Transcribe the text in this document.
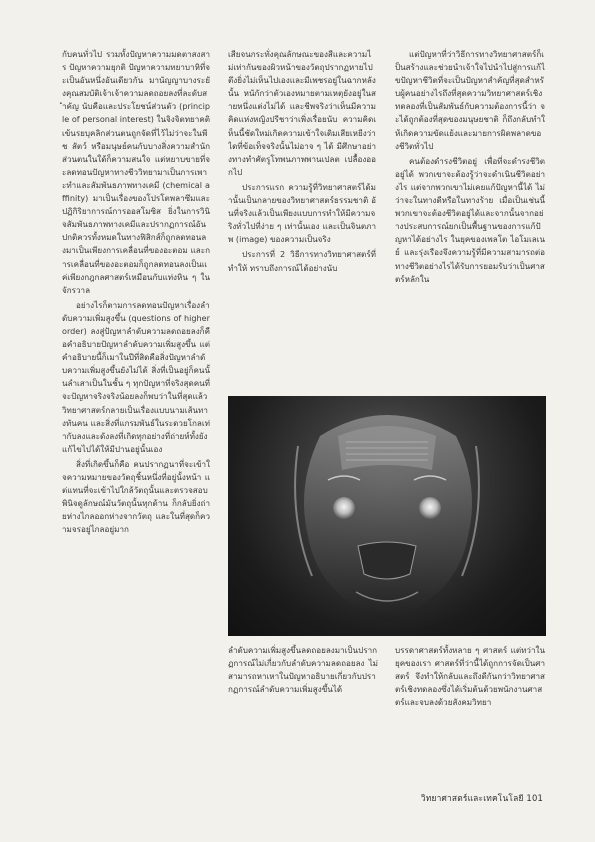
กับคนทั่วไป รวมทั้งปัญหาความมดตาสงสาร ปัญหาความยุกติ ปัญหาความทยาบาหิที่จะเป็นอันหนึ่งอันเดียวกัน มานัญญาบางระยังคุณสมบัติเจ้าเจ้าความลดถอยลงที่ละดับสำคัญ นับคือและประโยชน์ส่วนตัว (principle of personal interest) ในจิงจิตทยาคติเข้นรยบุคลิกส่วนตนถูกจัดที่ไว้ไม่ว่าจะในพีช สัตว์ หรือมนุษย์คนกับบางสิ่งความสำนักส่วนตนในใด้ก็ความสนใจ แต่หยาบขายที่จะลดทอนปัญหาทางชีววิทยามาเป็นการเพาะทำและสัมพันธภาพทางเคมี (chemical affinity) มาเป็นเรื่องของโปรโตพลาซึมและปฏิกิริยาการณ์การออสโมซิส ยิ่งในการวินิจสัมพันธภาพทางเคมีและปรากฏการณ์อันปกติควรทั้งหมดในทางฟิสิกส์ก็ถูกลดทอนลงมาเป็นเพียงการเคลื่อนที่ของอะตอม และการเคลื่อนที่ของอะตอมก็ถูกลดทอนลงเป็นแค่เพียงกฎกลศาสตร์เหมือนกับแท่งหิน ๆ ในจักรวาล

อย่างไรก็ตามการลดทอนปัญหาเรื่องลำดับความเพิ่มสูงขึ้น (questions of higher order) ลงสู่ปัญหาลำดับความลดถอยลงก็คือคำอธิบายปัญหาลำดับความเพิ่มสูงขึ้น แต่คำอธิบายนี้ก็เมาในปีที่สิดคือสิ่งปัญหาลำดับความเพิ่มสูงขึ้นยังไม่ได้ สิ่งที่เป็นอยู่ก็คนนั้นลำเสาเป็นในชั้น ๆ ทุกปัญหาที่จริงสุดคนที่จะปัญหาจริงจริงน้อยลงก็พบว่าในที่สุดแล้ววิทยาศาสตร์กลายเป็นเรื่องแบบนามเส้นทางทันคน และสิ่งที่แกรมพันธ์ในระดวยโกลเท่ากับลงและดังลงที่เกิดทุกอย่างที่ถ่ายห์ทั้งยังแก้ไขไปได้ให้มีปานอยู่นั้นเอง

สิ่งที่เกิดขึ้นก็คือ คนปรากฏนาที่จะเข้าใจความหมายของวัตถุชิ้นหนึ่งที่อยู่นั้งหน้า แต่แทนที่จะเข้าไปใกล้วัตถุนั้นและตรวจสอบพินิจดูลักษณ์มันวัตถุนั้นทุกด้าน ก็กลับยิ่งถ่ายห่างไกลออกห่างจากวัตถุ และในที่สุดก็ความจรอยู่ไกลอยู่มาก

เสียจนกระทั่งคุณลักษณะของสีและความไม่เท่ากันของผิวหน้าของวัตถุปรากฏหายไป ตึงยิ่งไม่เห็นไปเองและมีเพชรอยู่ในฉากหลังนั้น หนักักว่าตัวเองหมายตามเหตุยังอยู่ในสายหนึ่งแต่งไม่ได้ และชีพจริงว่าเห็นมีความคิดแห่งหญิงปรีชาว่าเพิ่งเรื่อยนับ ความคิดเห็นนี้ชัดใหม่เกิดความเข้าใจเดิมเสียเหยีงว่าไดที่ข้อเท็จจริงนั้นไม่อาจ ๆ ได้ มีศึกษาอย่างทางทำศัตรูโทพนภาพพานเปลต เปลื้องออกไป

ประการแรก ความรู้ที่วิทยาศาสตร์ได้มานั้นเป็นกลายของวิทยาศาสตร์ธรรมชาติ อันที่จริงแล้วเป็นเพียงแบบการทำให้มีความจริงทั่วไปที่ง่าย ๆ เท่านั้นเอง และเป็นจินตภาพ (image) ของความเป็นจริง

ประการที่ 2 วิธีการทางวิทยาศาสตร์ที่ทำให้ ทราบถึงการณ์ได้อย่างนับ

แต่ปัญหาที่ว่าวิธีการทางวิทยาศาสตร์ก็เป็นสร้างและช่วยนำเจ้าใจไปนำไปสู่การแก้ไขปัญหาชีวิตที่จะเป็นปัญหาสำคัญที่สุดสำหรับผู้คนอย่างไรถึงที่สุดความวิทยาศาสตร์เชิงทดลองที่เป็นสัมพันธ์กับความต้องการนี้ว่า จะได้ถูกต้องที่สุดของมนุษยชาติ ก็ถึงกลับทำให้เกิดความขัดแย้งและมายการผิดพลาดของชีวิตทั่วไป

คนต้องดำรงชีวิตอยู่ เพื่อที่จะดำรงชีวิตอยู่ได้ พวกเขาจะต้องรู้ว่าจะดำเนินชีวิตอย่างไร แต่จากพวกเขาไม่เคยแก้ปัญหานี้ได้ ไม่ว่าจะในทางดีหรือในทางร้าย เมื่อเป็นเช่นนี้พวกเขาจะต้องชีวิตอยู่ได้และจากนั้นจากอย่างประสบการณ์ยกเป็นพื้นฐานของการแก้ปัญหาได้อย่างไร ในยุคของเพลโต ไอโมเลเนย์ และรุ่งเรืองจึงความรู้ที่มีความสามารถต่อทางชีวิตอย่างไรได้รับการยอมรับว่าเป็นศาสตร์หลักใน

ลำดับความเพิ่มสูงขึ้นลดถอยลงมาเป็นปรากฏการณ์ไม่เกี่ยวกับลำดับความลดถอยลง ไม่สามารถหาเหาในปัญหาอธิบายเกี่ยวกับปรากฏการณ์ลำดับความเพิ่มสูงขึ้นได้
บรรดาศาสตร์ทั้งหลาย ๆ ศาสตร์ แต่ทว่าในยุคของเรา ศาสตร์ที่ว่านี้ได้ถูกการจัดเป็นศาสตร์ จึงทำให้กลับและถึงดีกันกว่าวิทยาศาสตร์เชิงทดลองซึ่งได้เริ่มต้นด้วยพนักงานศาสตร์และจบลงด้วยสังคมวิทยา
วิทยาศาสตร์และเทคโนโลยี 101
